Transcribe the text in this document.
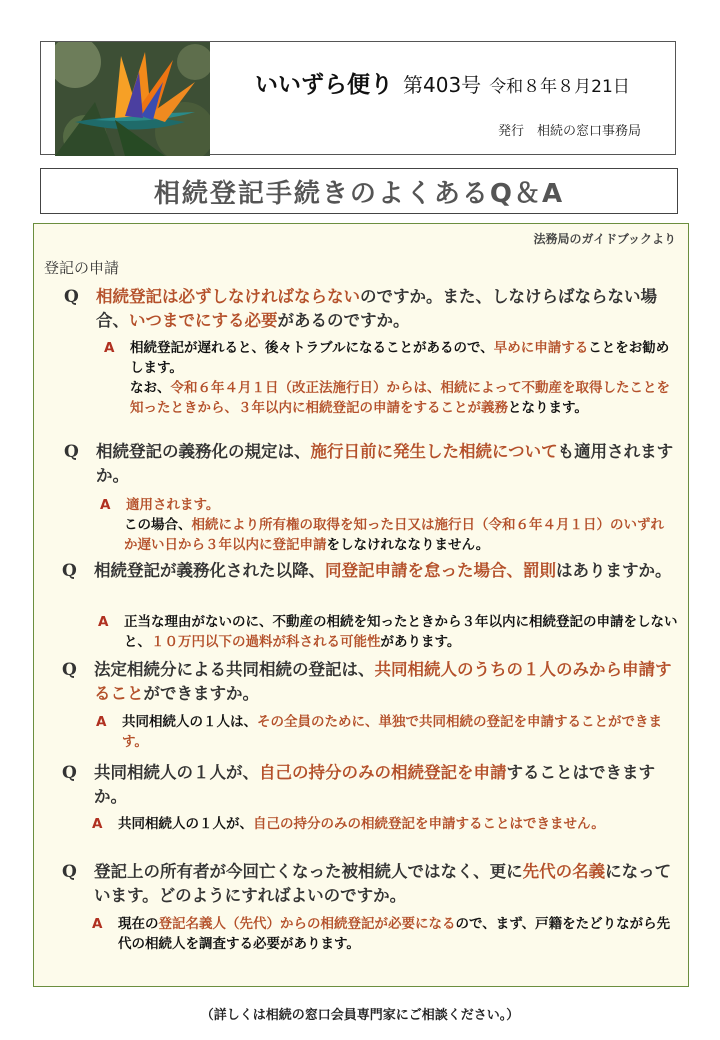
いいずら便り 第403号 令和８年８月21日
発行　相続の窓口事務局
相続登記手続きのよくあるQ＆A
法務局のガイドブックより
登記の申請
Q 相続登記は必ずしなければならないのですか。また、しなけらばならない場合、いつまでにする必要があるのですか。
A 相続登記が遅れると、後々トラブルになることがあるので、早めに申請することをお勧めします。
なお、令和６年４月１日（改正法施行日）からは、相続によって不動産を取得したことを知ったときから、３年以内に相続登記の申請をすることが義務となります。
Q 相続登記の義務化の規定は、施行日前に発生した相続についても適用されますか。
A 適用されます。
この場合、相続により所有権の取得を知った日又は施行日（令和６年４月１日）のいずれか遅い日から３年以内に登記申請をしなけれななりません。
Q 相続登記が義務化された以降、同登記申請を怠った場合、罰則はありますか。
A 正当な理由がないのに、不動産の相続を知ったときから３年以内に相続登記の申請をしないと、１０万円以下の過料が科される可能性があります。
Q 法定相続分による共同相続の登記は、共同相続人のうちの１人のみから申請することができますか。
A 共同相続人の１人は、その全員のために、単独で共同相続の登記を申請することができます。
Q 共同相続人の１人が、自己の持分のみの相続登記を申請することはできますか。
A 共同相続人の１人が、自己の持分のみの相続登記を申請することはできません。
Q 登記上の所有者が今回亡くなった被相続人ではなく、更に先代の名義になっています。どのようにすればよいのですか。
A 現在の登記名義人（先代）からの相続登記が必要になるので、まず、戸籍をたどりながら先代の相続人を調査する必要があります。
（詳しくは相続の窓口会員専門家にご相談ください。）
